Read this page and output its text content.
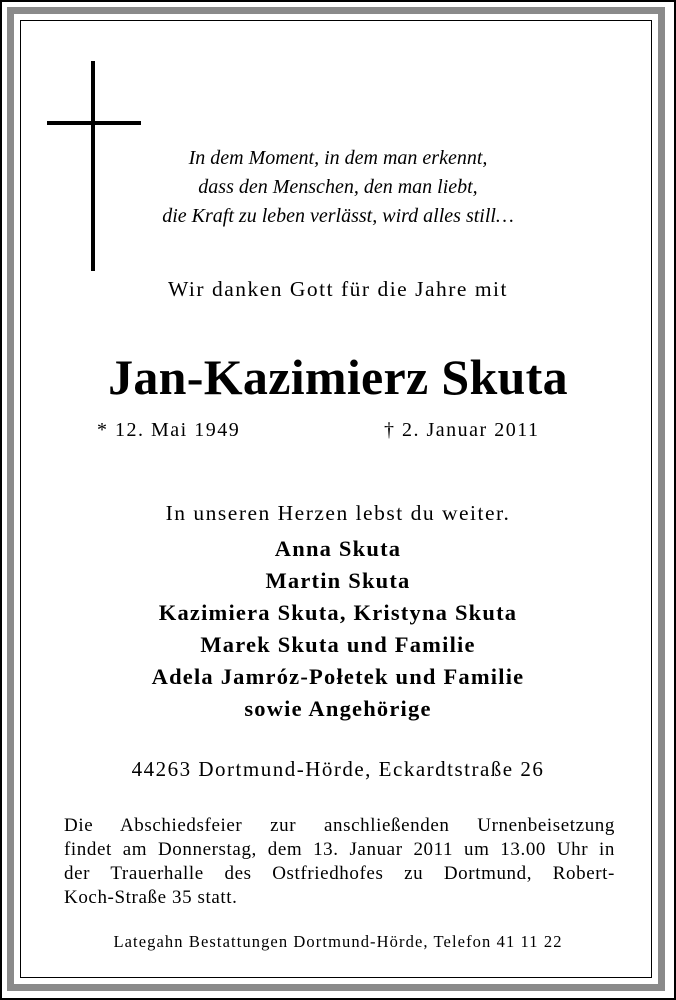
In dem Moment, in dem man erkennt,
dass den Menschen, den man liebt,
die Kraft zu leben verlässt, wird alles still…
Wir danken Gott für die Jahre mit
Jan-Kazimierz Skuta
* 12. Mai 1949	† 2. Januar 2011
In unseren Herzen lebst du weiter.
Anna Skuta
Martin Skuta
Kazimiera Skuta, Kristyna Skuta
Marek Skuta und Familie
Adela Jamróz-Połetek und Familie
sowie Angehörige
44263 Dortmund-Hörde, Eckardtstraße 26
Die Abschiedsfeier zur anschließenden Urnenbeisetzung
findet am Donnerstag, dem 13. Januar 2011 um 13.00 Uhr in
der Trauerhalle des Ostfriedhofes zu Dortmund, Robert-
Koch-Straße 35 statt.
Lategahn Bestattungen Dortmund-Hörde, Telefon 41 11 22
